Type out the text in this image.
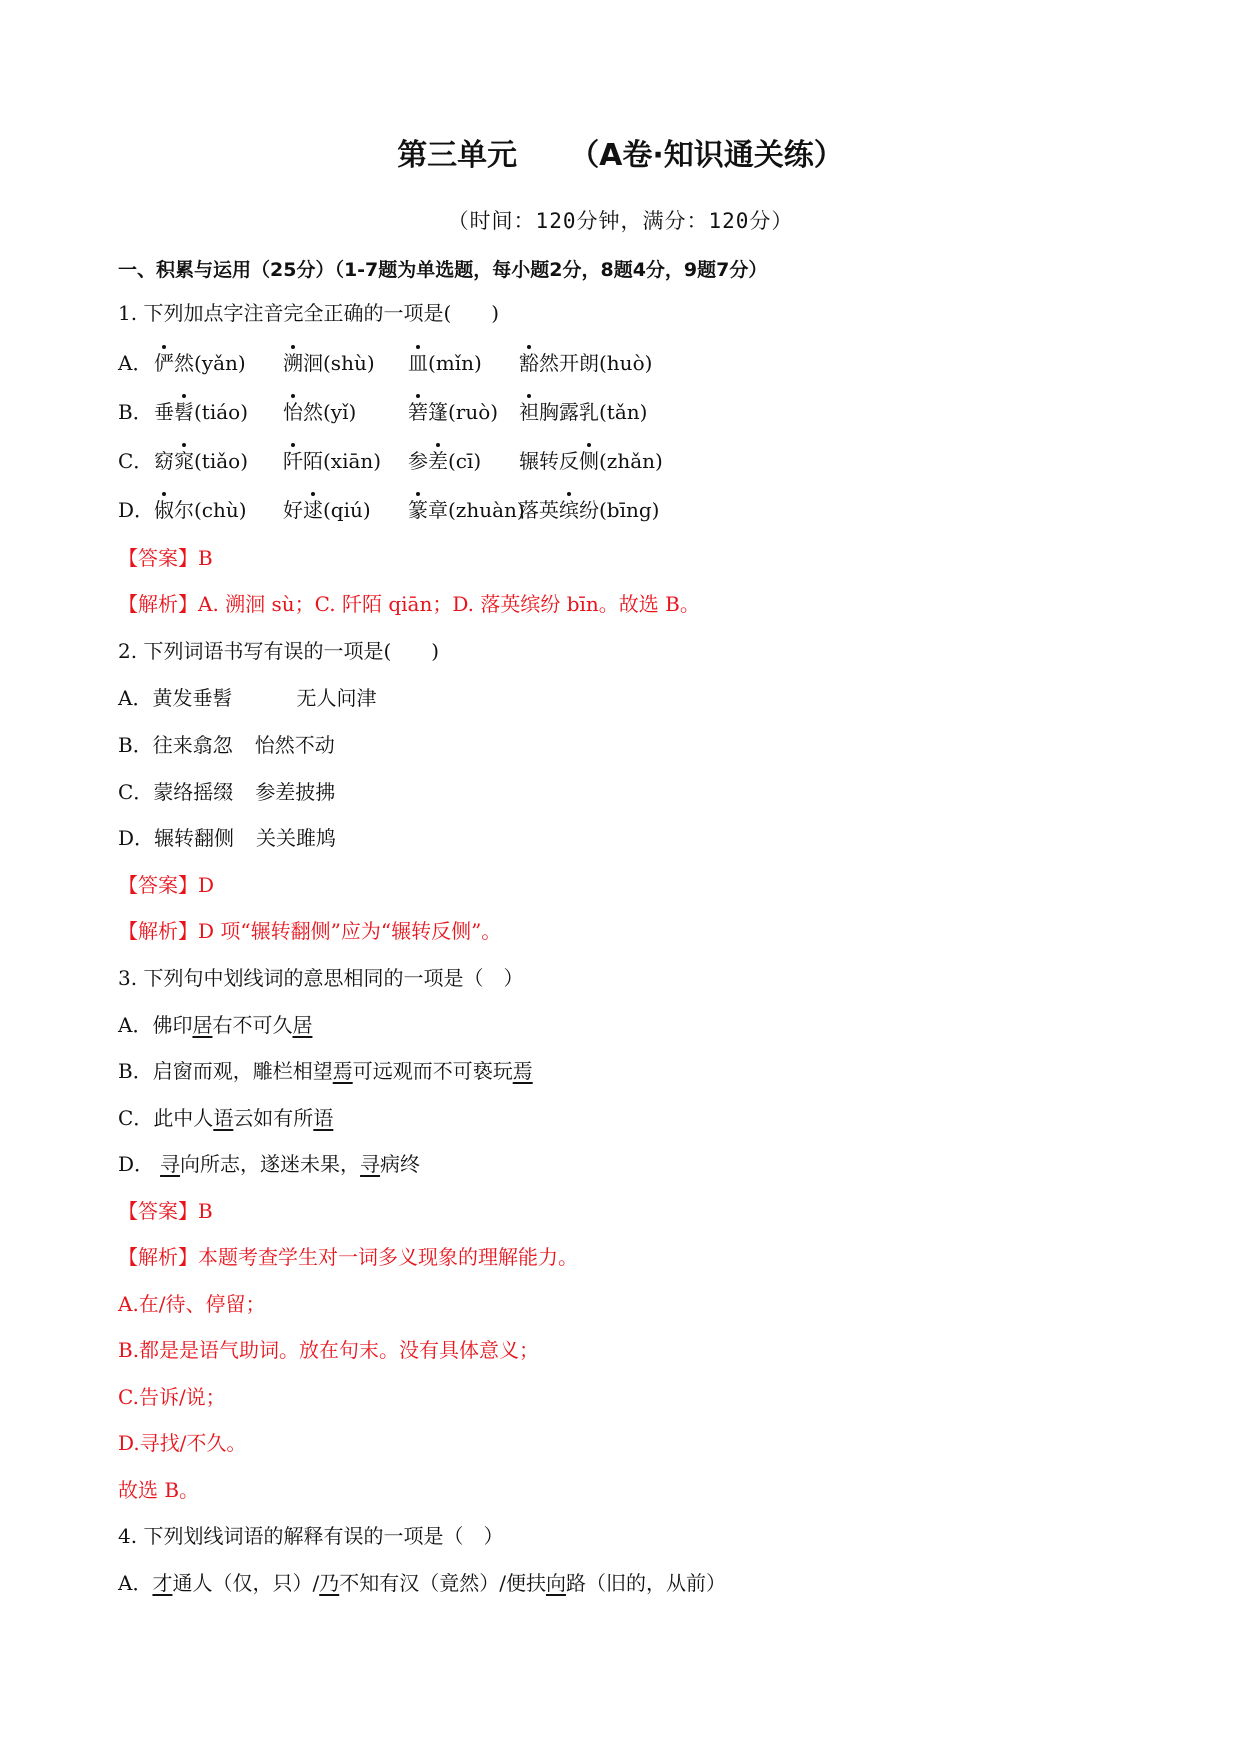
第三单元 （A卷·知识通关练）
（时间：120分钟，满分：120分）
一、积累与运用（25分）（1-7题为单选题，每小题2分，8题4分，9题7分）
1. 下列加点字注音完全正确的一项是(　　)
A． 俨然(yǎn) 溯洄(shù) 皿(mǐn) 豁然开朗(huò)
B． 垂髫(tiáo) 怡然(yǐ)	箬篷(ruò) 袒胸露乳(tǎn)
C． 窈窕(tiǎo) 阡陌(xiān) 参差(cī) 辗转反侧(zhǎn)
D． 俶尔(chù) 好逑(qiú) 篆章(zhuàn)
落英缤纷(bīng)
【答案】B
【解析】A. 溯洄 sù；C. 阡陌 qiān；D. 落英缤纷 bīn。故选 B。
2. 下列词语书写有误的一项是(　　)
A．黄发垂髫	无人问津
B．往来翕忽 怡然不动
C．蒙络摇缀 参差披拂
D．辗转翻侧 关关雎鸠
【答案】D
【解析】D 项“辗转翻侧”应为“辗转反侧”。
3. 下列句中划线词的意思相同的一项是（　）
A．佛印居右不可久居
B．启窗而观，雕栏相望焉可远观而不可亵玩焉
C．此中人语云如有所语
D． 寻向所志，遂迷未果，寻病终
【答案】B
【解析】本题考查学生对一词多义现象的理解能力。
A.在/待、停留；
B.都是是语气助词。放在句末。没有具体意义；
C.告诉/说；
D.寻找/不久。
故选 B。
4. 下列划线词语的解释有误的一项是（　）
A．才通人（仅，只）/乃不知有汉（竟然）/便扶向路（旧的，从前）
